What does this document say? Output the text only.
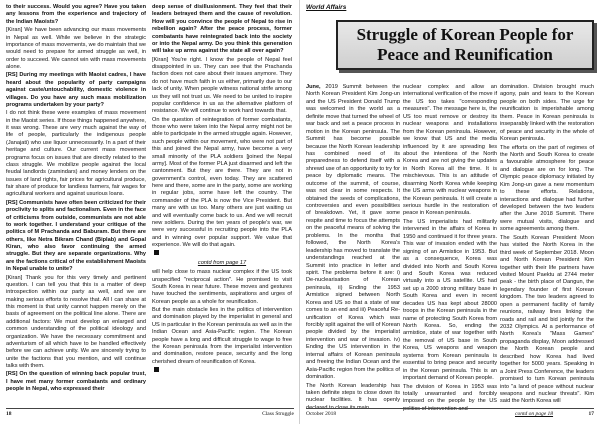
to their success. Would you agree? Have you taken any lessons from the experience and trajectory of the Indian Maoists?

[Kiran] We have been advancing our mass movements in Nepal as well. While we believe in the strategic importance of mass movements, we do maintain that we would need to prepare for armed struggle as well, in order to succeed. We cannot win with mass movements alone.

[RS] During my meetings with Maoist cadres, I have heard about the popularity of party campaigns against caste/untouchability, domestic violence in villages. Do you have any such mass mobilization programs undertaken by your party?

I do not think these were examples of mass movement in the Maoist series. If those things happened anywhere, it was wrong. These are very much against the way of life of people, particularly the indigenous people (Janajati) who use liquor unnecessarily. In a part of their heritage and culture. Our current mass movement programs focus on issues that are directly related to the class struggle. We mobilize people against the local feudal landlords (zamindars) and money lenders on the issues of land rights, fair prices for agricultural produce, fair share of produce for landless farmers, fair wages for agricultural workers and against usurious loans.

[RS] Communists have often been criticized for their proclivity to splits and factionalism. Even in the face of criticisms from outside, communists are not able to work together. I understand your critique of the politics of M Prachanda and Baburam. But there are others, like Netra Bikram Chand (Biplab) and Gopal Kiran, who also favor continuing the armed struggle. But they are separate organizations. Why are the factions critical of the establishment Maoists in Nepal unable to unite?

[Kiran] Thank you for this very timely and pertinent question. I can tell you that this is a matter of deep introspection within our party as well, and we are making serious efforts to resolve that. All I can share at this moment is that unity cannot happen merely on the basis of agreement on the political line alone. There are additional factors: We must develop an enlarged and common understanding of the political ideology and organization. We have the necessary commitment and adventurism of all which have to be handled effectively before we can achieve unity. We are sincerely trying to unite the factions that you mention, and will continue talks with them.

[RS] On the question of winning back popular trust, I have met many former combatants and ordinary people in Nepal, who expressed their

deep sense of disillusionment. They feel that their leaders betrayed them and the cause of revolution. How will you convince the people of Nepal to rise in rebellion again? After the peace process, former combatants have reintegrated back into the society or into the Nepal army. Do you think this generation will take up arms against the state all over again?

[Kiran] You're right. I know the people of Nepal feel disappointed in us. They can see that the Prachanda faction does not care about their issues anymore. They do not have much faith in us either, primarily due to our lack of unity. When people witness national strife among us they will not trust us. We need to be united to inspire popular confidence in us as the alternative platform of resistance. We will continue to work hard towards that.

On the question of reintegration of former combatants, those who were taken into the Nepal army might not be able to participate in the armed struggle again. However, such people within our movement, who were not part of this and joined the Nepal army, have become a very small minority of the PLA soldiers [joined the Nepal army]. Most of the former PLA just disarmed and left the cantonment. But they are there. They are not in government's control, even today. They are scattered here and there, some are in the party, some are working in regular jobs, some have left the country. The commander of the PLA is now the Vice President. But many are with us too. Many others are just waiting us and will eventually come back to us. And we will recruit new soldiers. During the ten years of people's war, we were very successful in recruiting people into the PLA and in winning over popular support. We value that experience. We will do that again.

contd from page 17

will help close to mass nuclear complex if the US took unspecified "reciprocal action". He promised to visit South Korea in near future. These moves and gestures have touched the sentiments, aspirations and urges of Korean people as a whole for reunification.

But the main obstacle lies in the politics of intervention and domination played by the imperialist in general and US in particular in the Korean peninsula as well as in the Indian Ocean and Asia-Pacific region. The Korean people have a long and difficult struggle to wage to free the Korean peninsula from the imperialist intervention and domination, restore peace, security and the long cherished dream of reunification of Korea.

18	Class Struggle
World Affairs
Struggle of Korean People for Peace and Reunification

June, 2019 Summit between the North Korean President Kim Jong-un and the US President Donald Trump was welcomed in the world as a definite move that turned the wheel of war back and set a peace process in motion in the Korean peninsula. The Summit has become possible because the North Korean leadership has combined need of its preparedness to defend itself with a shrewd use of an opportunity to try for peace by diplomatic means. The outcome of the summit, of course, was not clear in some respects. It obtained the seeds of complications, controversies and even possibilities of breakdown. Yet, it gave some respite and time to focus the attempts on the peaceful means of solving the problems. In the months that followed, the North Korea's leadership has moved to translate the understandings reached at the Summit into practice in letter and spirit. The problems before it are: i) De-nuclearisation of Korean peninsula, ii) Ending the 1953 Armistice signed between North Korea and US so that a state of war comes to an end and iii) Peaceful Re-unification of Korea which was forcibly split against the will of Korean people divided by the imperialist intervention and war of invasion. iv) Ending the US intervention in the internal affairs of Korean peninsula and freeing the Indian Ocean and the Asia-Pacific region from the politics of domination.

The North Korean leadership has taken definite steps to close down its nuclear facilities. It has openly

nuclear complex and allow an international verification of the move if the US too takes "corresponding measures". The message here is, the US too must remove or destroy its nuclear weapons and installations from the Korean peninsula. However, we know that US and the media influenced by it are spreading lies about the intentions of the North Korea and are not giving the updates in North Korea all the time. It is mischievous. This is an attitude of disarming North Korea while keeping the US arms with nuclear weapons in the Korean peninsula. It will create a serious hurdle in the restoration of peace in Korean peninsula.

The US imperialists had militarily intervened in the affairs of Korea in 1950 and continued it for three years. This war of invasion ended with the signing of an Armistice in 1953. But as a consequence, Korea was divided into North and South Korea and South Korea was reduced virtually into a US satellite. US had set up a 2000 strong military base in South Korea and even in recent decades US has kept about 28000 troops in the Korean peninsula in the name of protecting South Korea from North Korea. So, ending the armistice, state of war together with the removal of US base in South Korea, US weapons and weapon systems from Korean peninsula is essential to bring peace and security in the Korean peninsula. This is an important demand of Korean people.

The division of Korea in 1953 was totally unwarranted and forcibly imposed on the people by the US

domination. Division brought much agony, pain and tears to the Korean people on both sides. The urge for reunification is imperishable among them. Peace in Korean peninsula is inseparably linked with the restoration of peace and security in the whole of Korean peninsula.

The efforts on the part of regimes of the North and South Korea to create a favourable atmosphere for peace and dialogue are on for long. The Olympic peace diplomacy initiated by Kim Jong-un gave a new momentum to these efforts. Relations, interactions and dialogue had further developed between the two leaders after the June 2018 Summit. There were mutual visits, dialogue and some agreements among them.

The South Korean President Moon has visited the North Korea in the third week of September 2018. Moon and North Korean President Kim together with their life partners have visited Mount Paektu at 2744 meter peak - the birth place of Dangun, the legendary founder of first Korean kingdom. The two leaders agreed to open a permanent facility of family reunions, railway lines linking the roads and rail and bid jointly for the 2032 Olympics. At a performance of North Korea's "Mass Games" propaganda display, Moon addressed the North Korean people and described how Korea had lived together for 5000 years. Speaking in a Joint Press Conference, the leaders promised to turn Korean peninsula into "a land of peace without nuclear weapons and nuclear threats". Kim said the North Korea will

October 2018	contd on page 18	17
